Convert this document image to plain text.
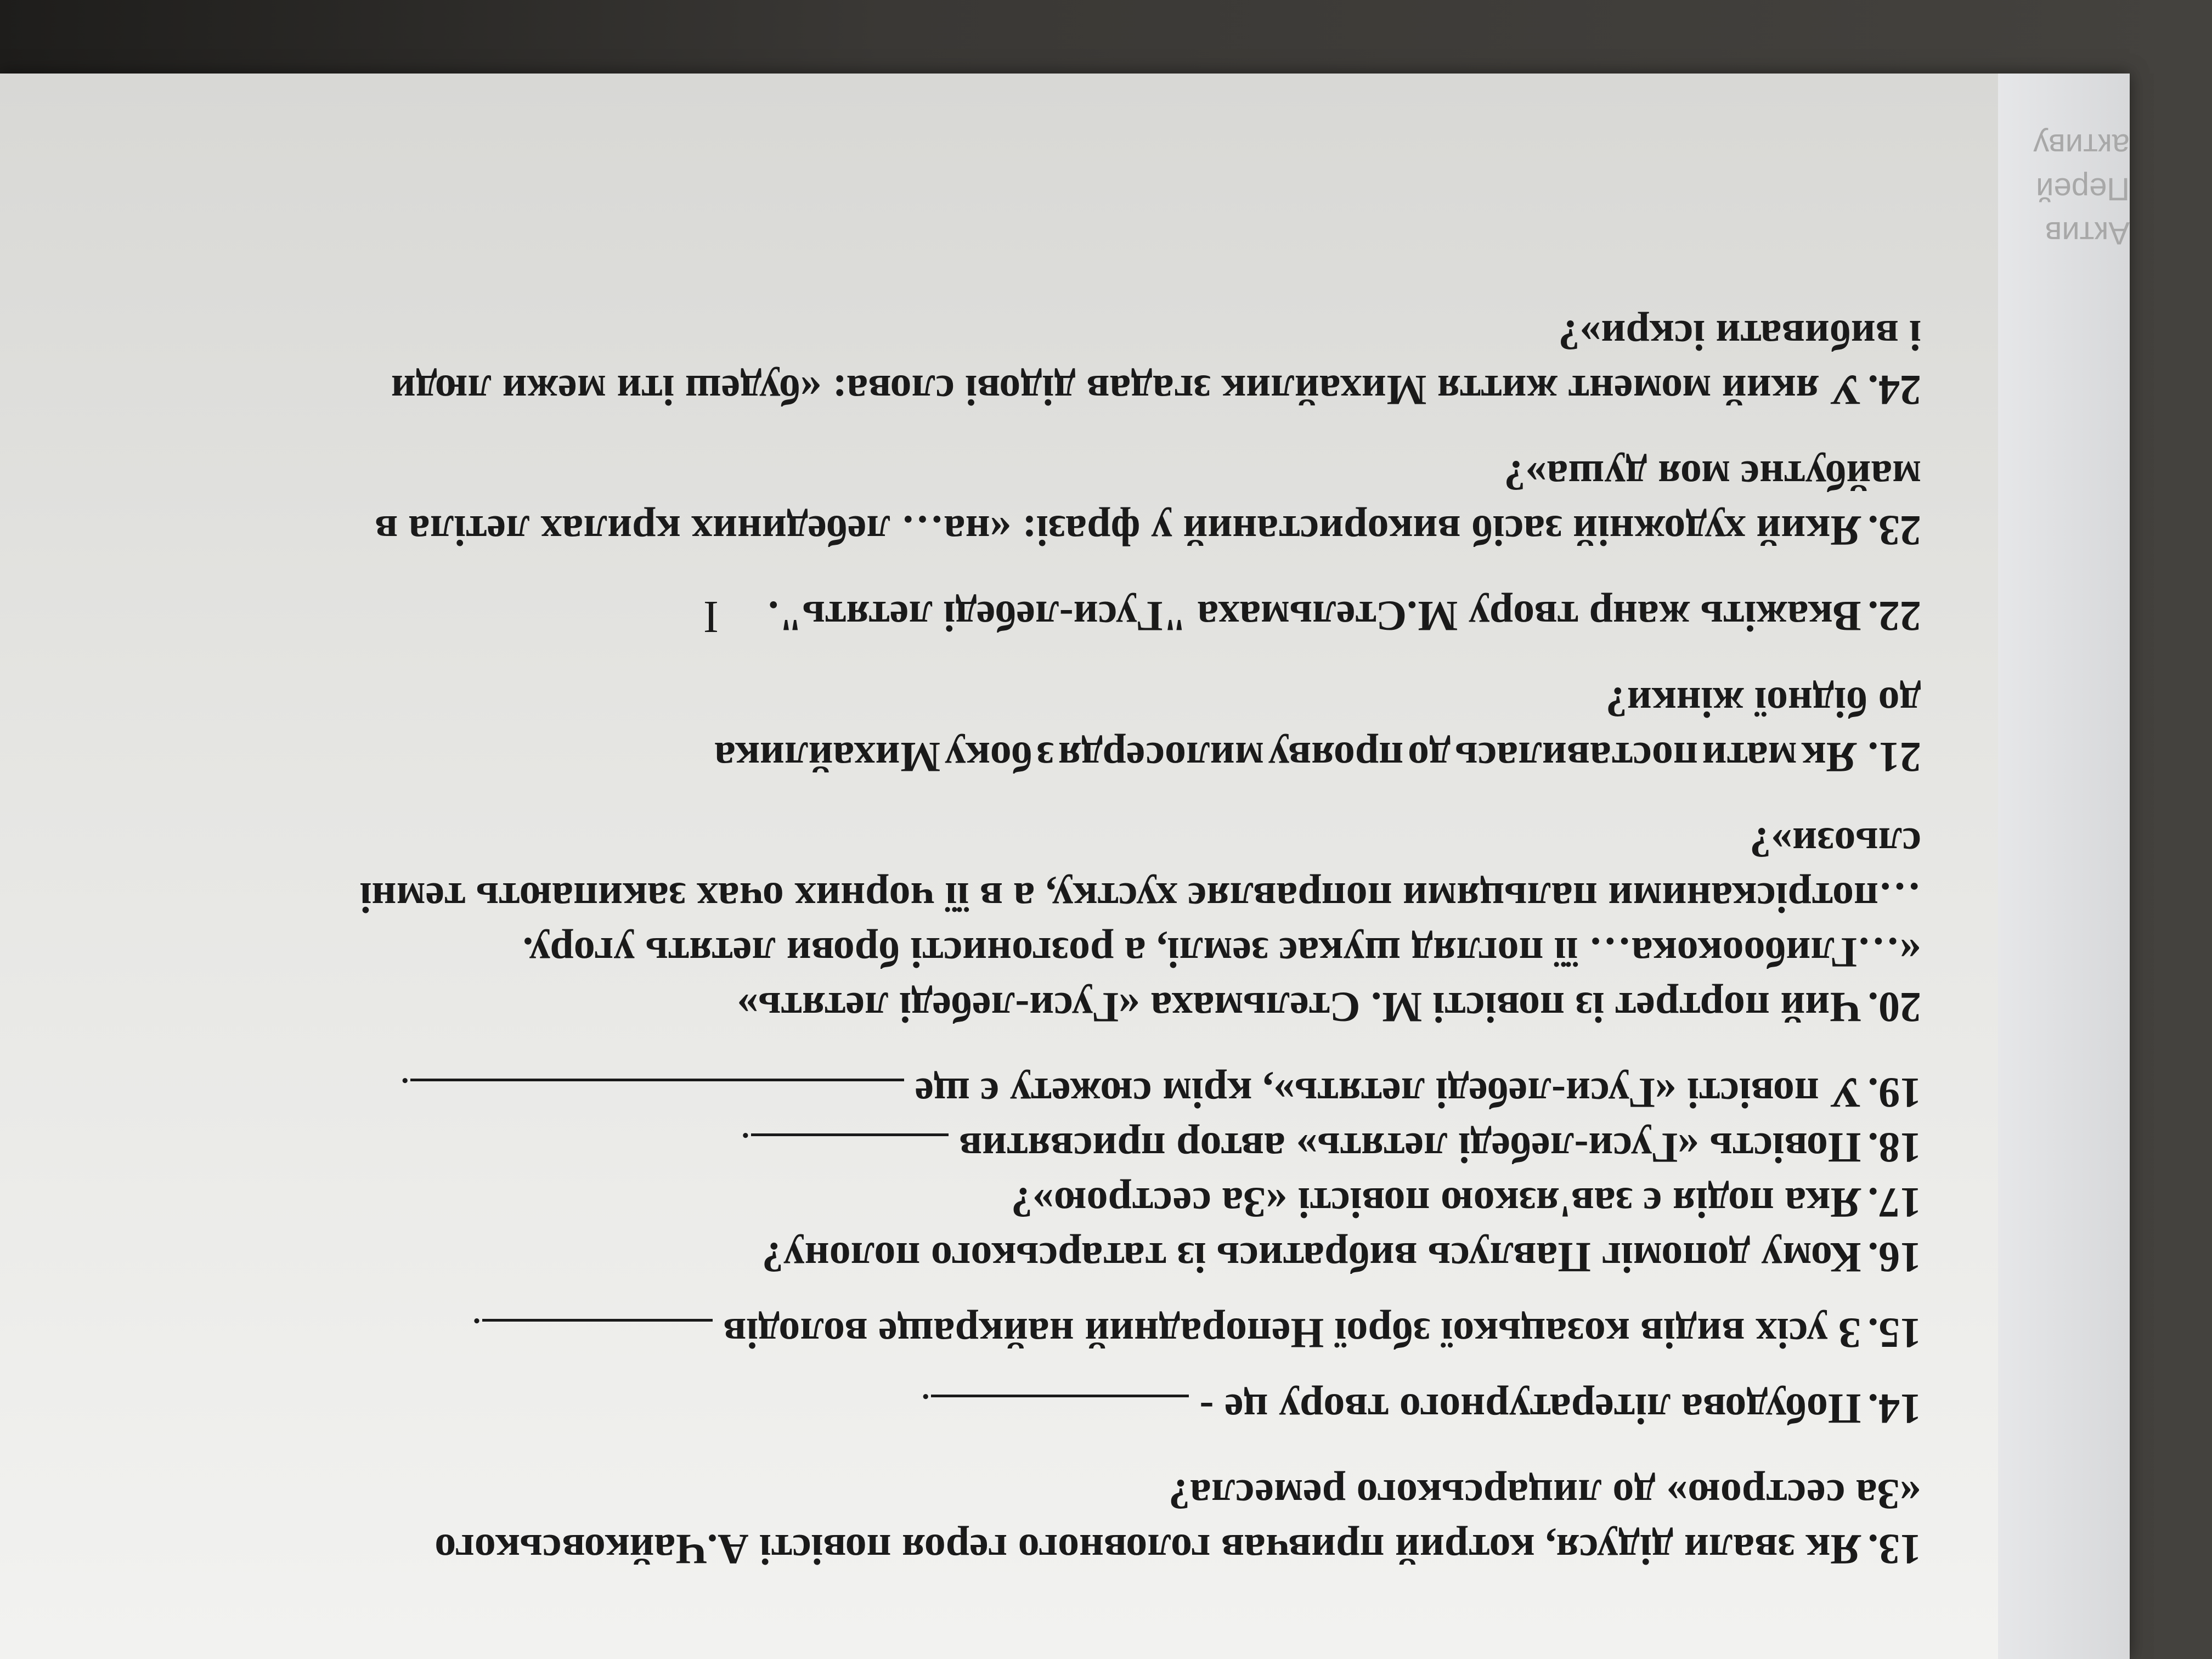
Актив
Перей
активу
13.Як звали дідуся, котрий привчав головного героя повісті А.Чайковського
«За сестрою» до лицарського ремесла?
14.Побудова літературного твору це - .
15.З усіх видів козацької зброї Непорадний найкраще володів .
16.Кому допоміг Павлусь вибратись із татарського полону?
17.Яка подія є зав'язкою повісті «За сестрою»?
18.Повість «Гуси-лебеді летять» автор присвятив .
19.У повісті «Гуси-лебеді летять», крім сюжету є ще .
20.Чий портрет із повісті М. Стельмаха «Гуси-лебеді летять»
«…Глибоокока… її погляд шукає землі, а розгонисті брови летять угору.
…потрісканими пальцями поправляє хустку, а в її чорних очах закипають темні
сльози»?
21.
Як
мати
поставилась
до
прояву
милосердя
з
боку
Михайлика
до бідної жінки?
22.Вкажіть жанр твору М.Стельмаха "Гуси-лебеді летять".I
23.Який художній засіб використаний у фразі: «на… лебединих крилах летіла в
майбутнє моя душа»?
24.У який момент життя Михайлик згадав дідові слова: «будеш іти межи люди
і вибивати іскри»?
